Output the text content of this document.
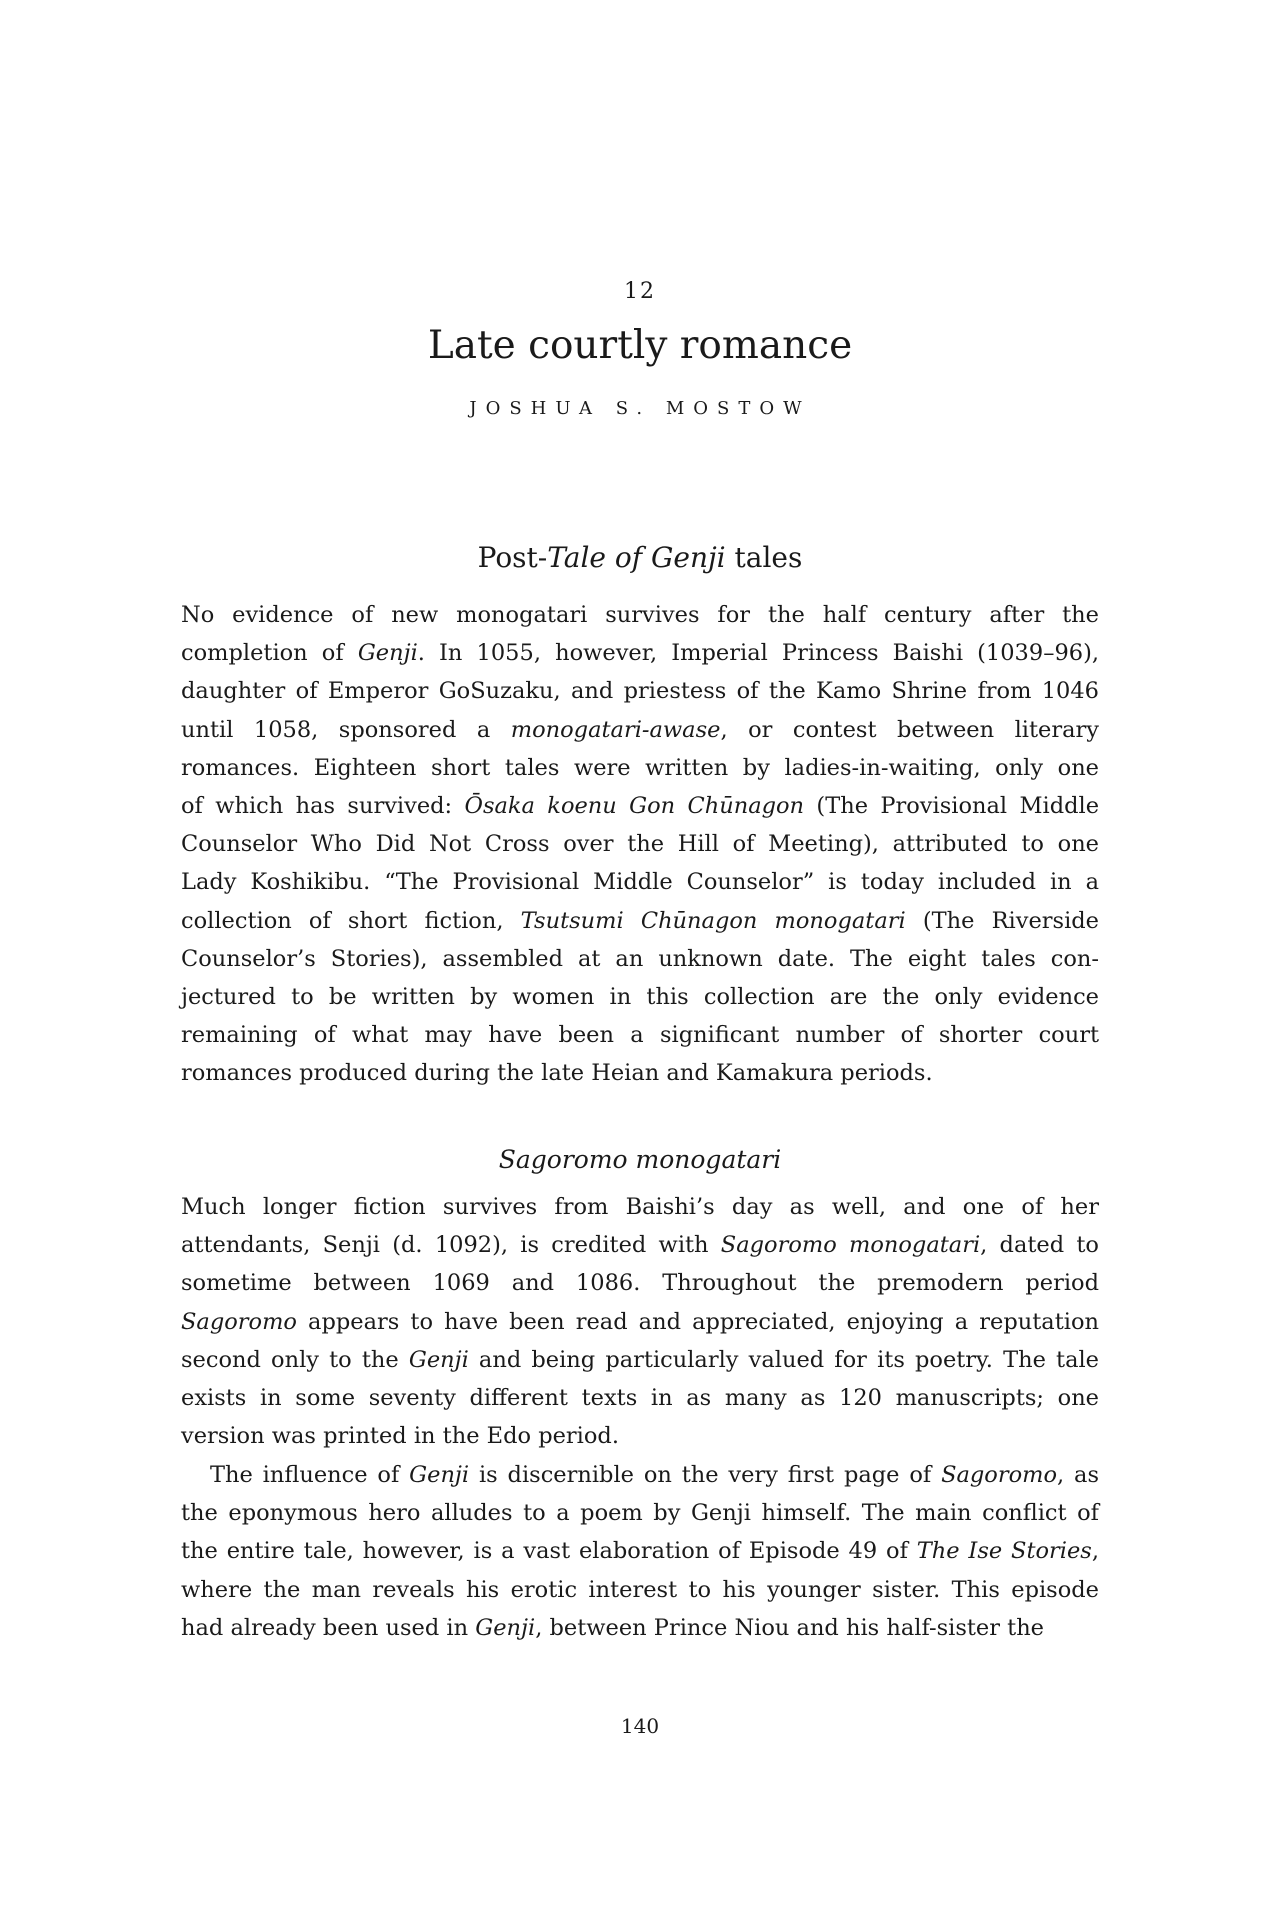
12
Late courtly romance
JOSHUA S. MOSTOW
Post-Tale of Genji tales
No evidence of new monogatari survives for the half century after the
completion of Genji. In 1055, however, Imperial Princess Baishi (1039–96),
daughter of Emperor GoSuzaku, and priestess of the Kamo Shrine from 1046
until 1058, sponsored a monogatari-awase, or contest between literary
romances. Eighteen short tales were written by ladies-in-waiting, only one
of which has survived: Ōsaka koenu Gon Chūnagon (The Provisional Middle
Counselor Who Did Not Cross over the Hill of Meeting), attributed to one
Lady Koshikibu. “The Provisional Middle Counselor” is today included in a
collection of short fiction, Tsutsumi Chūnagon monogatari (The Riverside
Counselor’s Stories), assembled at an unknown date. The eight tales con-
jectured to be written by women in this collection are the only evidence
remaining of what may have been a significant number of shorter court
romances produced during the late Heian and Kamakura periods.
Sagoromo monogatari
Much longer fiction survives from Baishi’s day as well, and one of her
attendants, Senji (d. 1092), is credited with Sagoromo monogatari, dated to
sometime between 1069 and 1086. Throughout the premodern period
Sagoromo appears to have been read and appreciated, enjoying a reputation
second only to the Genji and being particularly valued for its poetry. The tale
exists in some seventy different texts in as many as 120 manuscripts; one
version was printed in the Edo period.
The influence of Genji is discernible on the very first page of Sagoromo, as
the eponymous hero alludes to a poem by Genji himself. The main conflict of
the entire tale, however, is a vast elaboration of Episode 49 of The Ise Stories,
where the man reveals his erotic interest to his younger sister. This episode
had already been used in Genji, between Prince Niou and his half-sister the
140
